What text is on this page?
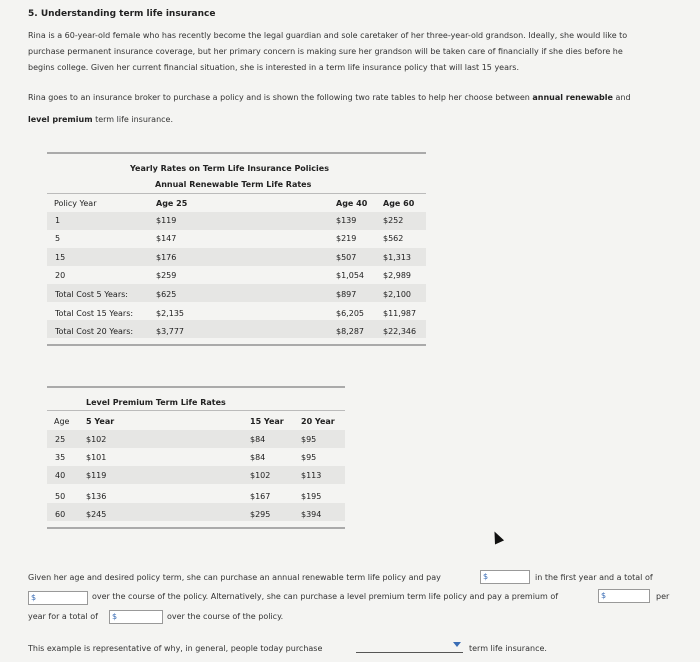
5. Understanding term life insurance
Rina is a 60-year-old female who has recently become the legal guardian and sole caretaker of her three-year-old grandson. Ideally, she would like to
purchase permanent insurance coverage, but her primary concern is making sure her grandson will be taken care of financially if she dies before he
begins college. Given her current financial situation, she is interested in a term life insurance policy that will last 15 years.
Rina goes to an insurance broker to purchase a policy and is shown the following two rate tables to help her choose between annual renewable and
level premium term life insurance.
Yearly Rates on Term Life Insurance Policies
Annual Renewable Term Life Rates
Policy Year	Age 25	Age 40 Age 60
1	$119	$139	$252
5	$147	$219	$562
15	$176	$507	$1,313
20	$259	$1,054 $2,989
Total Cost 5 Years:	$625	$897	$2,100
Total Cost 15 Years:	$2,135	$6,205 $11,987
Total Cost 20 Years:	$3,777	$8,287 $22,346
Level Premium Term Life Rates
Age 5 Year	15 Year 20 Year
25	$102	$84	$95
35	$101	$84	$95
40	$119	$102	$113
50	$136	$167	$195
60	$245	$295	$394
Given her age and desired policy term, she can purchase an annual renewable term life policy and pay	$	in the first year and a total of
$	over the course of the policy. Alternatively, she can purchase a level premium term life policy and pay a premium of	$	per
year for a total of	$	over the course of the policy.
This example is representative of why, in general, people today purchase	term life insurance.
